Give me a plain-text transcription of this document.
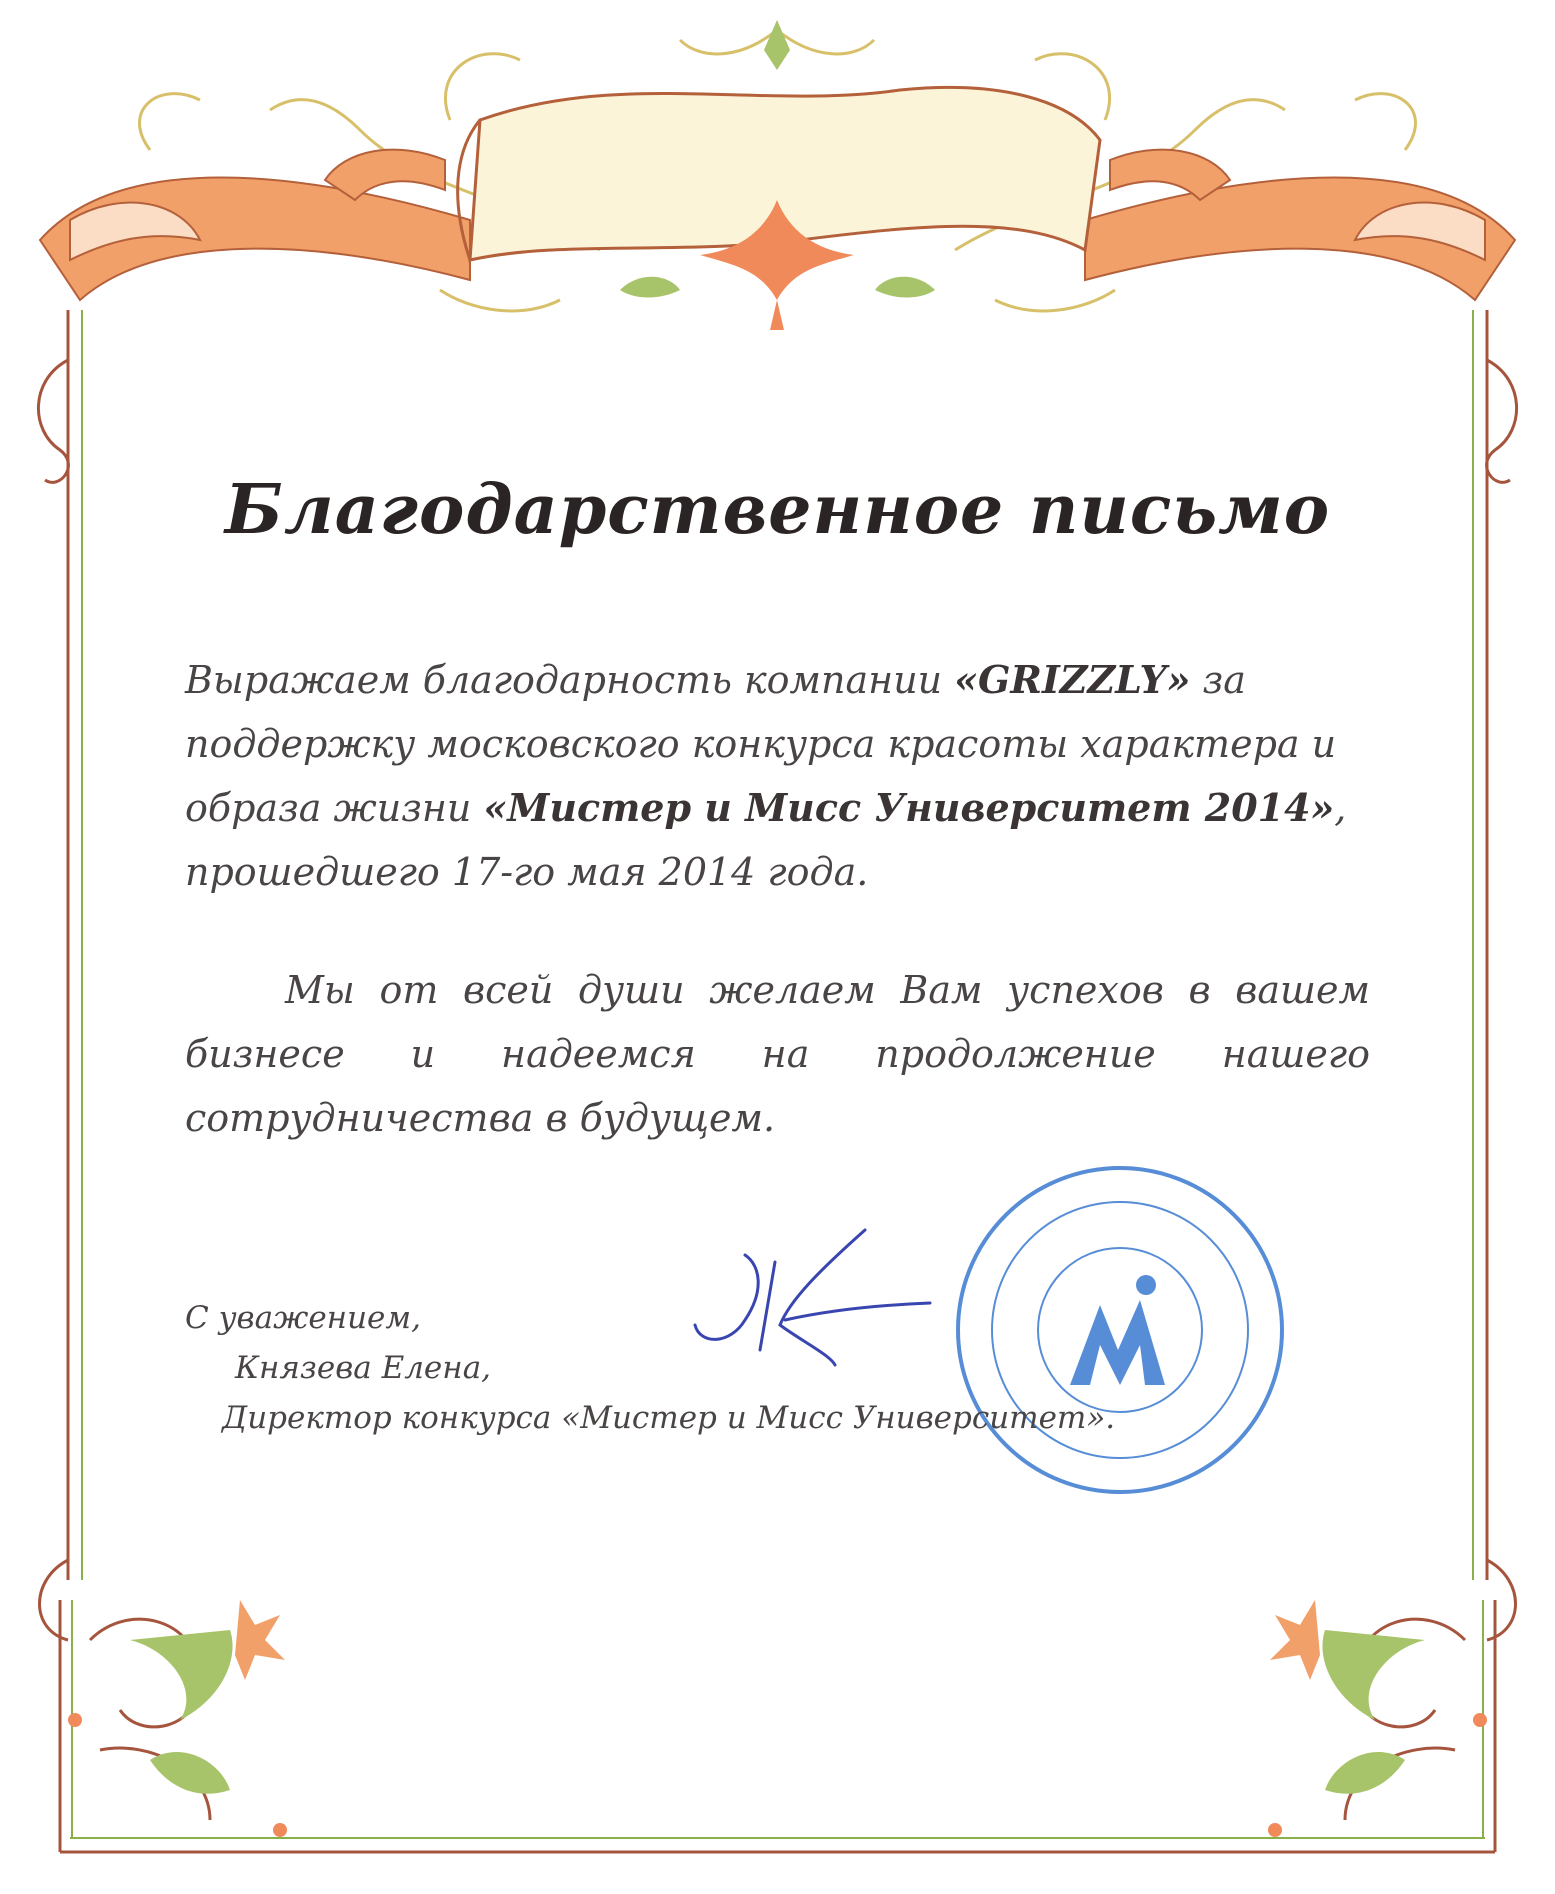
Благодарственное письмо
Выражаем благодарность компании «GRIZZLY» за поддержку московского конкурса красоты характера и образа жизни «Мистер и Мисс Университет 2014», прошедшего 17-го мая 2014 года.
Мы от всей души желаем Вам успехов в вашем бизнесе и надеемся на продолжение нашего сотрудничества в будущем.
С уважением,
Князева Елена,
Директор конкурса «Мистер и Мисс Университет».
